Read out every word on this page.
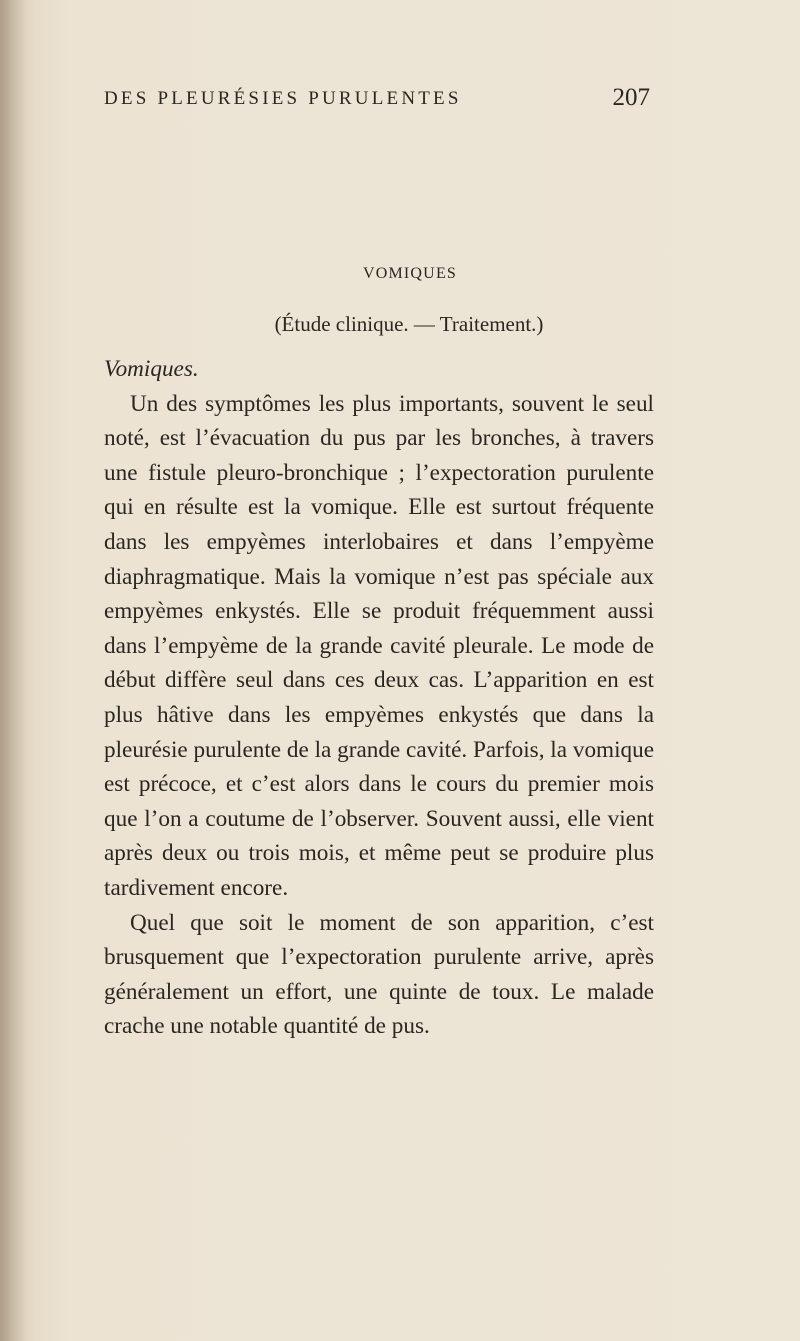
DES PLEURÉSIES PURULENTES	207
VOMIQUES
(Étude clinique. — Traitement.)

Vomiques.

Un des symptômes les plus importants, souvent le seul noté, est l’évacuation du pus par les bronches, à travers une fistule pleuro-bronchique ; l’expectoration purulente qui en résulte est la vomique. Elle est surtout fréquente dans les empyèmes interlobaires et dans l’empyème diaphragmatique. Mais la vomique n’est pas spéciale aux empyèmes enkystés. Elle se produit fréquemment aussi dans l’empyème de la grande cavité pleurale. Le mode de début diffère seul dans ces deux cas. L’apparition en est plus hâtive dans les empyèmes enkystés que dans la pleurésie purulente de la grande cavité. Parfois, la vomique est précoce, et c’est alors dans le cours du premier mois que l’on a coutume de l’observer. Souvent aussi, elle vient après deux ou trois mois, et même peut se produire plus tardivement encore.

Quel que soit le moment de son apparition, c’est brusquement que l’expectoration purulente arrive, après généralement un effort, une quinte de toux. Le malade crache une notable quantité de pus.
